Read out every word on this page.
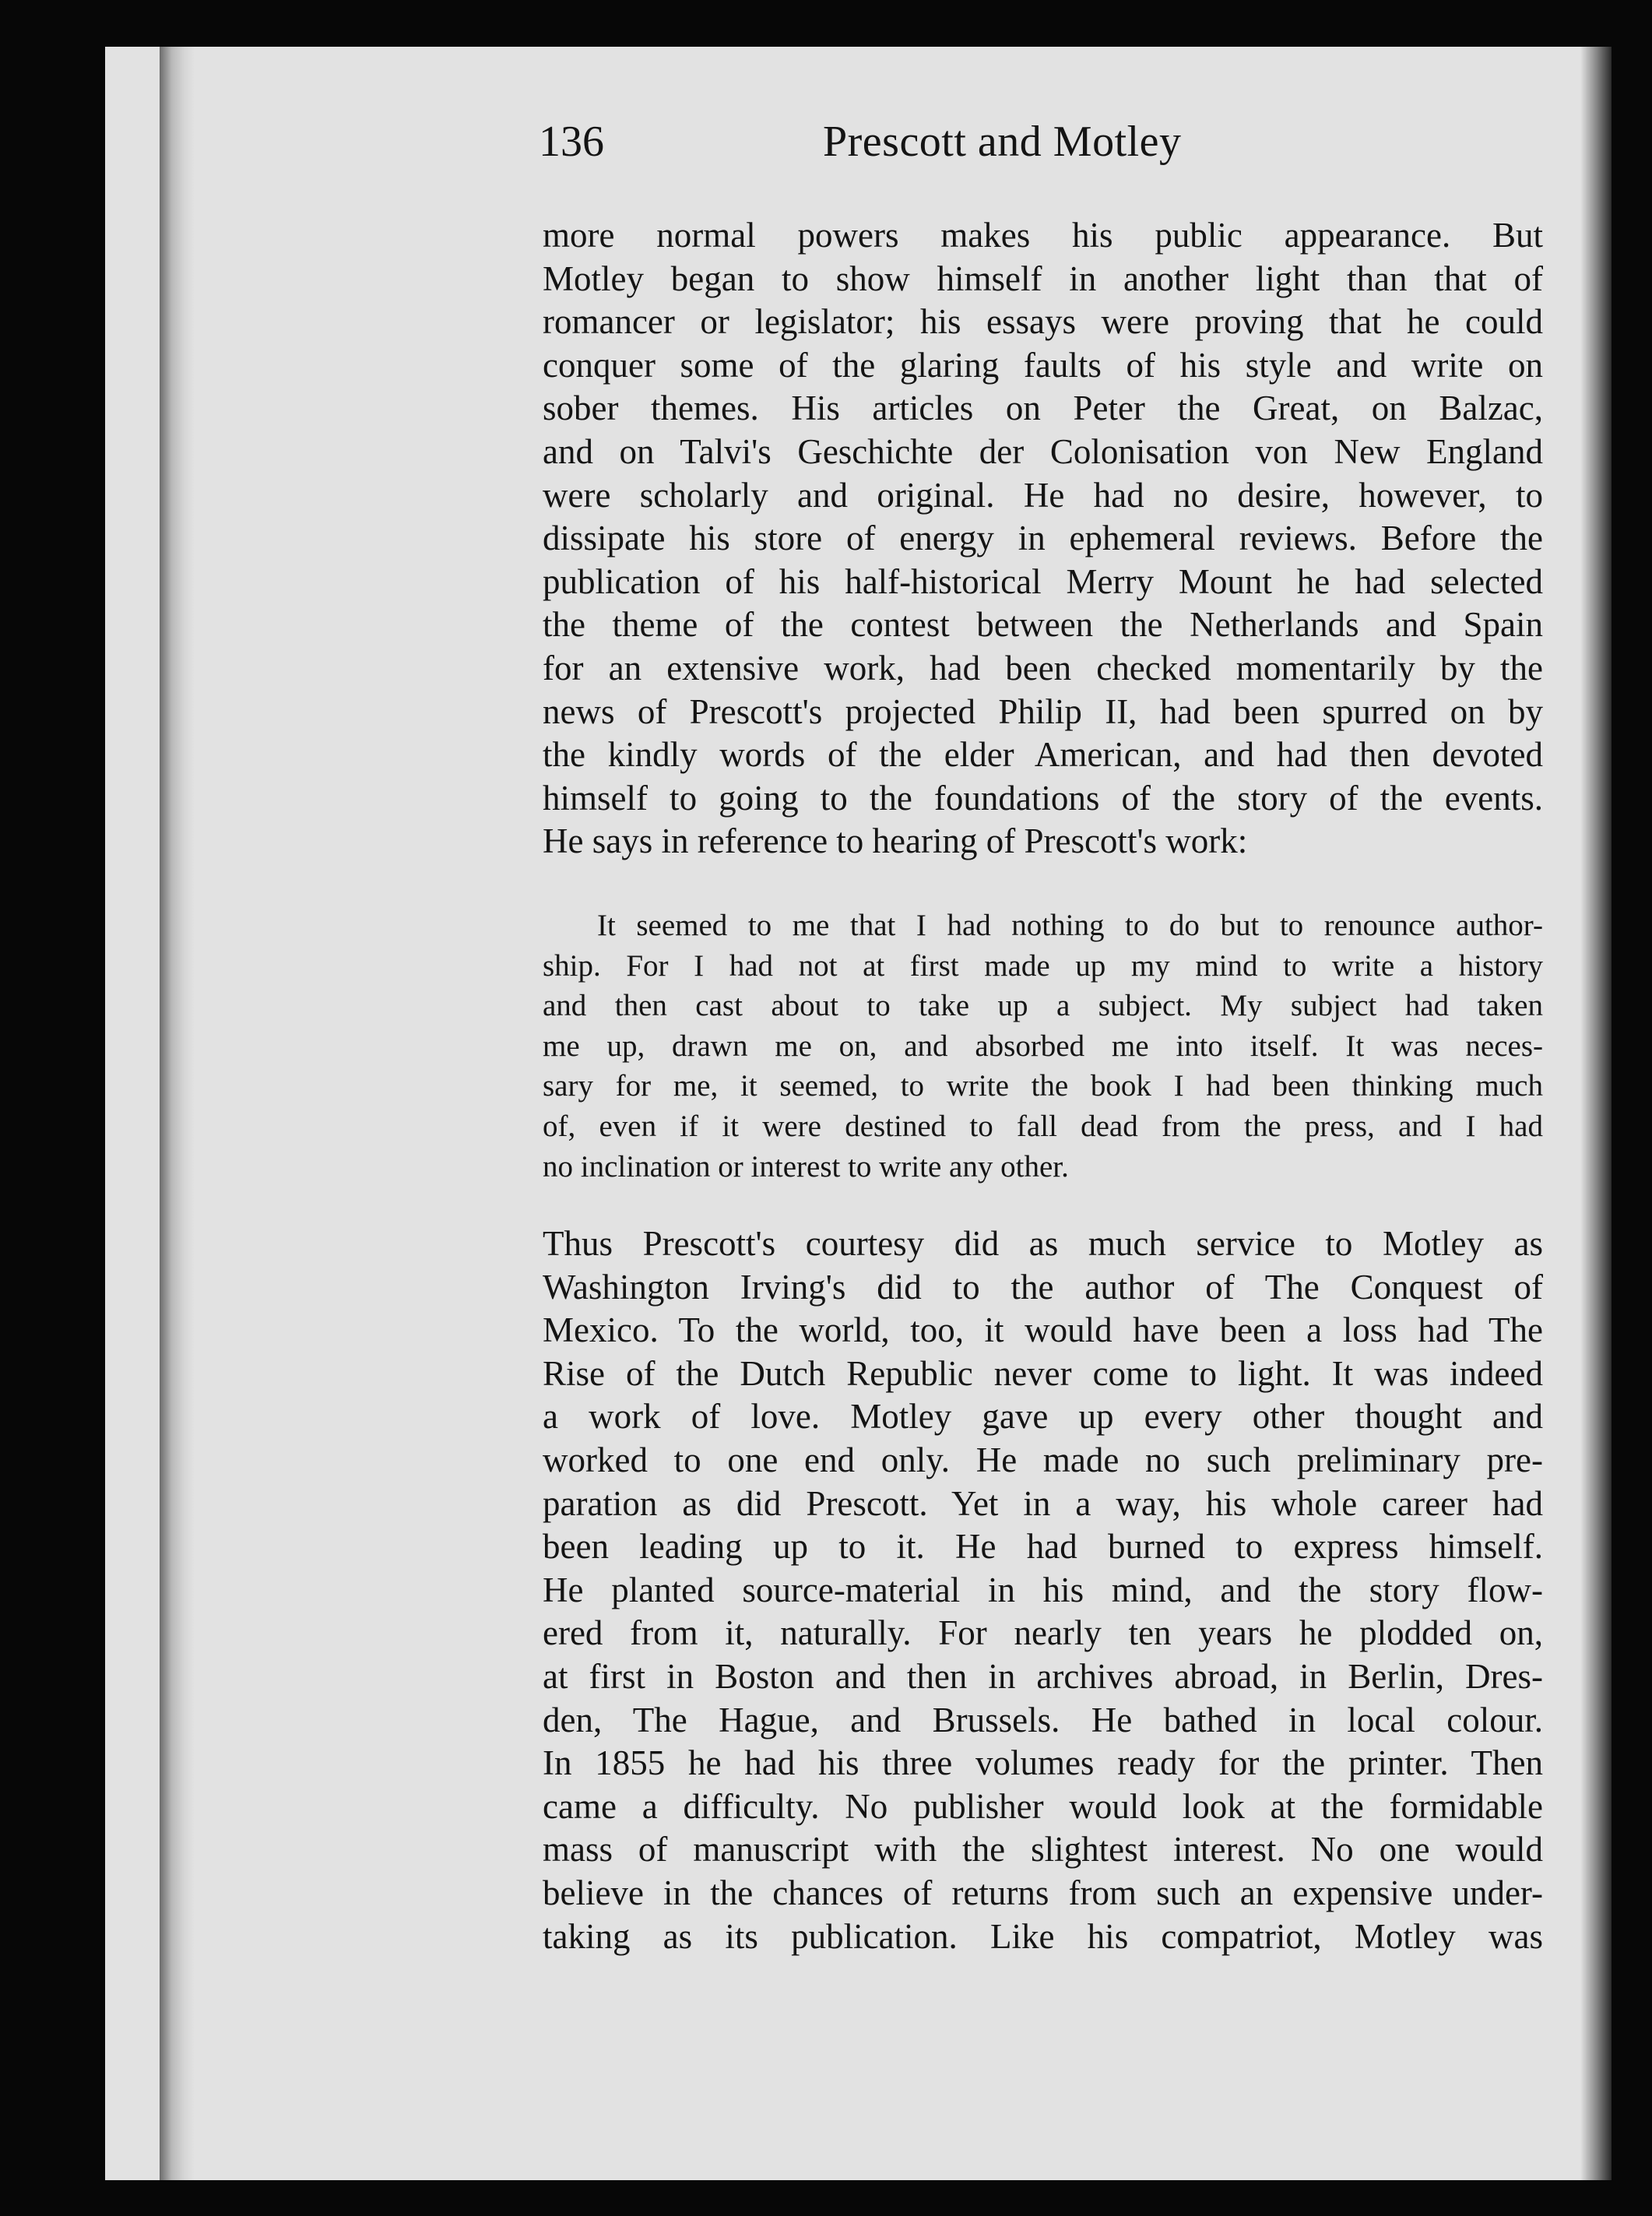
136	Prescott and Motley
more normal powers makes his public appearance. But
Motley began to show himself in another light than that of
romancer or legislator; his essays were proving that he could
conquer some of the glaring faults of his style and write on
sober themes. His articles on Peter the Great, on Balzac,
and on Talvi's Geschichte der Colonisation von New England
were scholarly and original. He had no desire, however, to
dissipate his store of energy in ephemeral reviews. Before the
publication of his half-historical Merry Mount he had selected
the theme of the contest between the Netherlands and Spain
for an extensive work, had been checked momentarily by the
news of Prescott's projected Philip II, had been spurred on by
the kindly words of the elder American, and had then devoted
himself to going to the foundations of the story of the events.
He says in reference to hearing of Prescott's work:
It seemed to me that I had nothing to do but to renounce author-
ship. For I had not at first made up my mind to write a history
and then cast about to take up a subject. My subject had taken
me up, drawn me on, and absorbed me into itself. It was neces-
sary for me, it seemed, to write the book I had been thinking much
of, even if it were destined to fall dead from the press, and I had
no inclination or interest to write any other.
Thus Prescott's courtesy did as much service to Motley as
Washington Irving's did to the author of The Conquest of
Mexico. To the world, too, it would have been a loss had The
Rise of the Dutch Republic never come to light. It was indeed
a work of love. Motley gave up every other thought and
worked to one end only. He made no such preliminary pre-
paration as did Prescott. Yet in a way, his whole career had
been leading up to it. He had burned to express himself.
He planted source-material in his mind, and the story flow-
ered from it, naturally. For nearly ten years he plodded on,
at first in Boston and then in archives abroad, in Berlin, Dres-
den, The Hague, and Brussels. He bathed in local colour.
In 1855 he had his three volumes ready for the printer. Then
came a difficulty. No publisher would look at the formidable
mass of manuscript with the slightest interest. No one would
believe in the chances of returns from such an expensive under-
taking as its publication. Like his compatriot, Motley was
